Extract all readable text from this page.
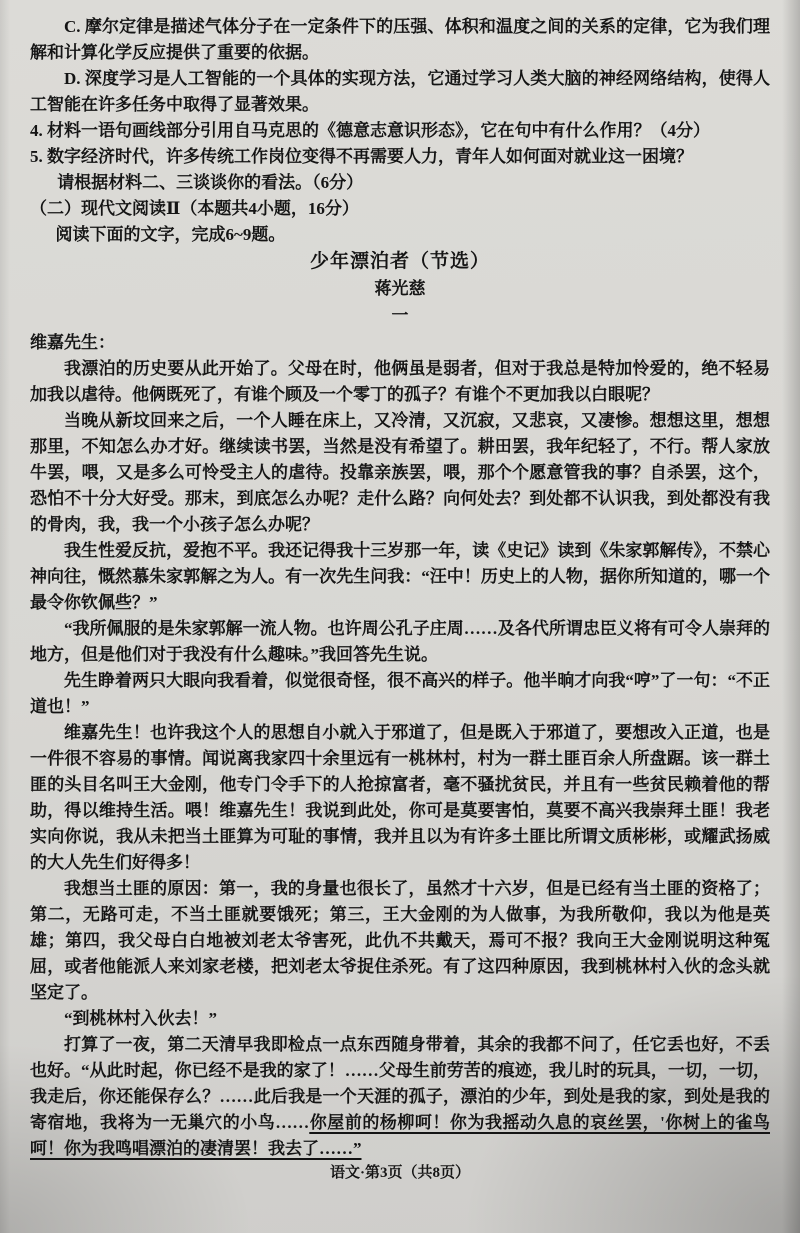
C. 摩尔定律是描述气体分子在一定条件下的压强、体积和温度之间的关系的定律，它为我们理解和计算化学反应提供了重要的依据。

D. 深度学习是人工智能的一个具体的实现方法，它通过学习人类大脑的神经网络结构，使得人工智能在许多任务中取得了显著效果。

4. 材料一语句画线部分引用自马克思的《德意志意识形态》，它在句中有什么作用？（4分）

5. 数字经济时代，许多传统工作岗位变得不再需要人力，青年人如何面对就业这一困境？

请根据材料二、三谈谈你的看法。（6分）

（二）现代文阅读Ⅱ（本题共4小题，16分）

阅读下面的文字，完成6~9题。

少年漂泊者（节选）

蒋光慈

一

维嘉先生：

我漂泊的历史要从此开始了。父母在时，他俩虽是弱者，但对于我总是特加怜爱的，绝不轻易加我以虐待。他俩既死了，有谁个顾及一个零丁的孤子？有谁个不更加我以白眼呢？

当晚从新坟回来之后，一个人睡在床上，又冷清，又沉寂，又悲哀，又凄惨。想想这里，想想那里，不知怎么办才好。继续读书罢，当然是没有希望了。耕田罢，我年纪轻了，不行。帮人家放牛罢，喂，又是多么可怜受主人的虐待。投靠亲族罢，喂，那个个愿意管我的事？自杀罢，这个，恐怕不十分大好受。那末，到底怎么办呢？走什么路？向何处去？到处都不认识我，到处都没有我的骨肉，我，我一个小孩子怎么办呢？

我生性爱反抗，爱抱不平。我还记得我十三岁那一年，读《史记》读到《朱家郭解传》，不禁心神向往，慨然慕朱家郭解之为人。有一次先生问我：“汪中！历史上的人物，据你所知道的，哪一个最令你钦佩些？”

“我所佩服的是朱家郭解一流人物。也许周公孔子庄周……及各代所谓忠臣义将有可令人崇拜的地方，但是他们对于我没有什么趣味。”我回答先生说。

先生睁着两只大眼向我看着，似觉很奇怪，很不高兴的样子。他半晌才向我“哼”了一句：“不正道也！”

维嘉先生！也许我这个人的思想自小就入于邪道了，但是既入于邪道了，要想改入正道，也是一件很不容易的事情。闻说离我家四十余里远有一桃林村，村为一群土匪百余人所盘踞。该一群土匪的头目名叫王大金刚，他专门令手下的人抢掠富者，毫不骚扰贫民，并且有一些贫民赖着他的帮助，得以维持生活。喂！维嘉先生！我说到此处，你可是莫要害怕，莫要不高兴我崇拜土匪！我老实向你说，我从未把当土匪算为可耻的事情，我并且以为有许多土匪比所谓文质彬彬，或耀武扬威的大人先生们好得多！

我想当土匪的原因：第一，我的身量也很长了，虽然才十六岁，但是已经有当土匪的资格了；第二，无路可走，不当土匪就要饿死；第三，王大金刚的为人做事，为我所敬仰，我以为他是英雄；第四，我父母白白地被刘老太爷害死，此仇不共戴天，焉可不报？我向王大金刚说明这种冤屈，或者他能派人来刘家老楼，把刘老太爷捉住杀死。有了这四种原因，我到桃林村入伙的念头就坚定了。

“到桃林村入伙去！”

打算了一夜，第二天清早我即检点一点东西随身带着，其余的我都不问了，任它丢也好，不丢也好。“从此时起，你已经不是我的家了！……父母生前劳苦的痕迹，我儿时的玩具，一切，一切，我走后，你还能保存么？……此后我是一个天涯的孤子，漂泊的少年，到处是我的家，到处是我的寄宿地，我将为一无巢穴的小鸟……你屋前的杨柳呵！你为我摇动久息的哀丝罢，'你树上的雀鸟呵！你为我鸣唱漂泊的凄清罢！我去了……”

语文·第3页（共8页）
